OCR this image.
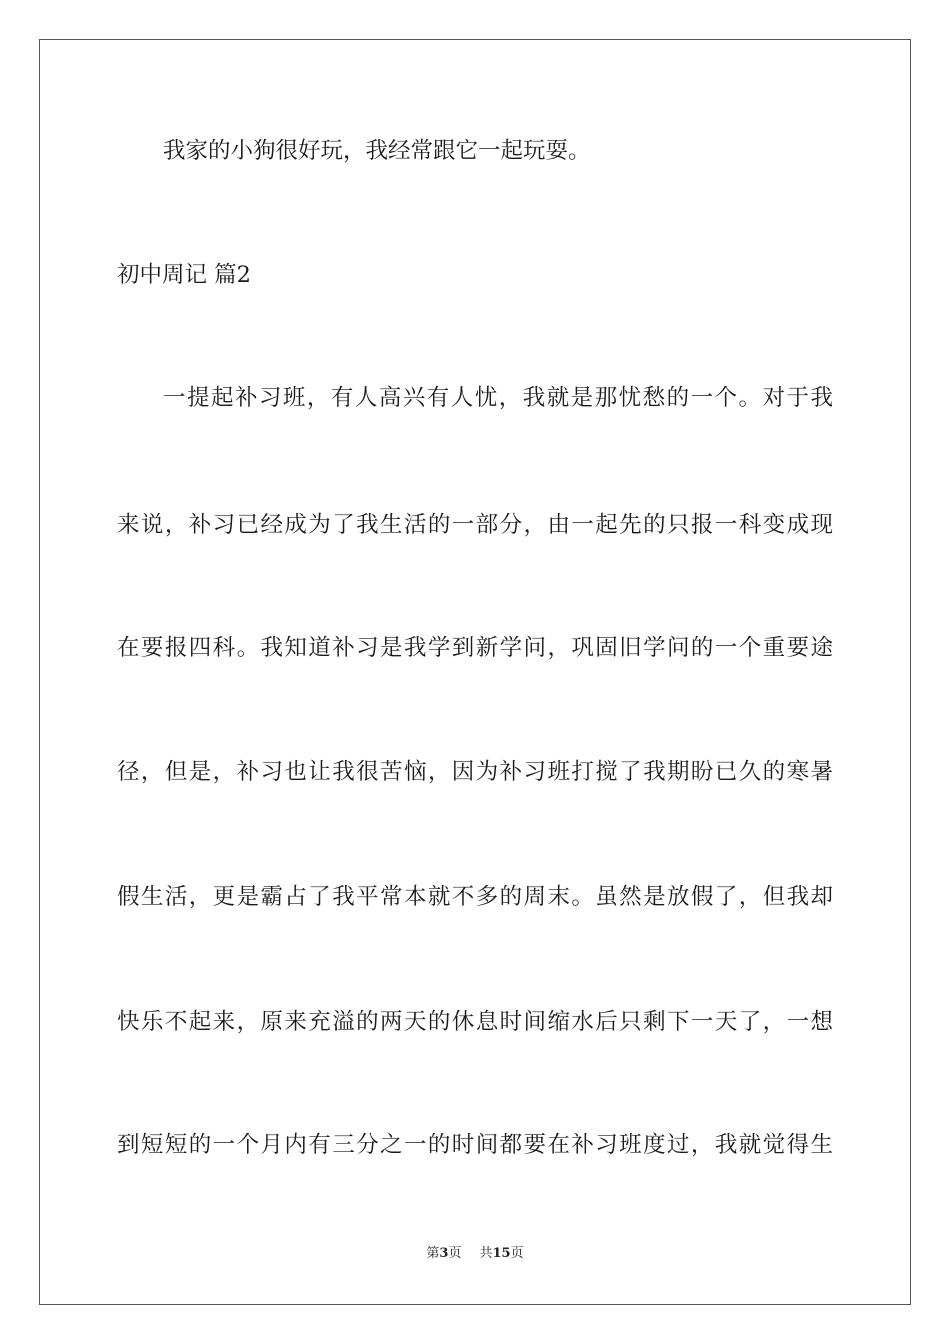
我家的小狗很好玩，我经常跟它一起玩耍。
初中周记 篇2
一提起补习班，有人高兴有人忧，我就是那忧愁的一个。对于我
来说，补习已经成为了我生活的一部分，由一起先的只报一科变成现
在要报四科。我知道补习是我学到新学问，巩固旧学问的一个重要途
径，但是，补习也让我很苦恼，因为补习班打搅了我期盼已久的寒暑
假生活，更是霸占了我平常本就不多的周末。虽然是放假了，但我却
快乐不起来，原来充溢的两天的休息时间缩水后只剩下一天了，一想
到短短的一个月内有三分之一的时间都要在补习班度过，我就觉得生
第3页 共15页
